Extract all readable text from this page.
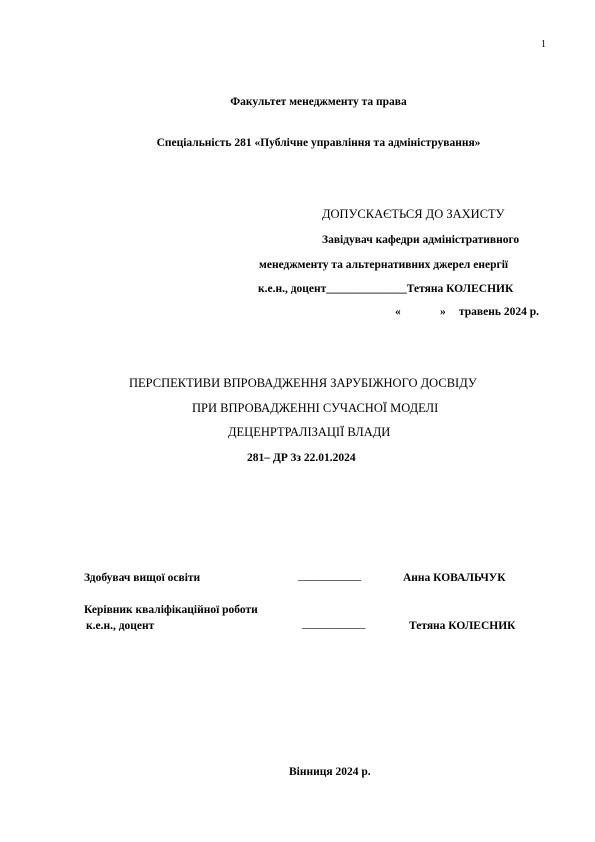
1
Факультет менеджменту та права
Спеціальність 281 «Публічне управління та адміністрування»
ДОПУСКАЄТЬСЯ ДО ЗАХИСТУ
Завідувач кафедри адміністративного
менеджменту та альтернативних джерел енергії
к.е.н., доцент______________Тетяна КОЛЕСНИК
«	» травень 2024 р.
ПЕРСПЕКТИВИ ВПРОВАДЖЕННЯ ЗАРУБІЖНОГО ДОСВІДУ
ПРИ ВПРОВАДЖЕННІ СУЧАСНОЇ МОДЕЛІ
ДЕЦЕНРТРАЛІЗАЦІЇ ВЛАДИ
281– ДР 3з 22.01.2024
Здобувач вищої освіти	___________	Анна КОВАЛЬЧУК
Керівник кваліфікаційної роботи
к.е.н., доцент	___________	Тетяна КОЛЕСНИК
Вінниця 2024 р.
